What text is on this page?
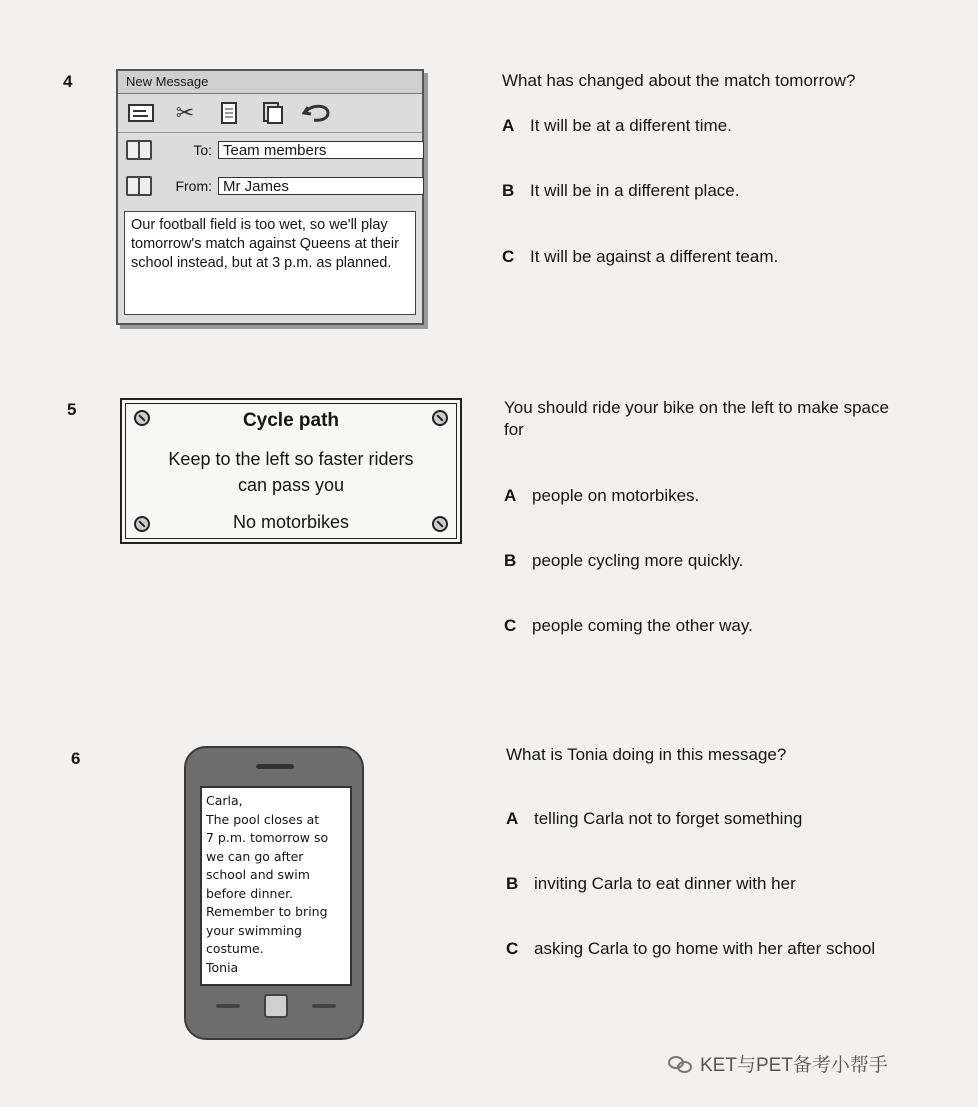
4	New Message
✂
To: Team members
From: Mr James
Our football field is too wet, so we'll play tomorrow's match against Queens at their school instead, but at 3 p.m. as planned.
What has changed about the match tomorrow?
A It will be at a different time.
B It will be in a different place.
C It will be against a different team.
5
Cycle path
Keep to the left so faster riders
can pass you
No motorbikes
You should ride your bike on the left to make space for
A people on motorbikes.
B people cycling more quickly.
C people coming the other way.
6
Carla,
The pool closes at
7 p.m. tomorrow so
we can go after
school and swim
before dinner.
Remember to bring
your swimming
costume.
Tonia
What is Tonia doing in this message?
A telling Carla not to forget something
B inviting Carla to eat dinner with her
C asking Carla to go home with her after school
KET与PET备考小帮手
